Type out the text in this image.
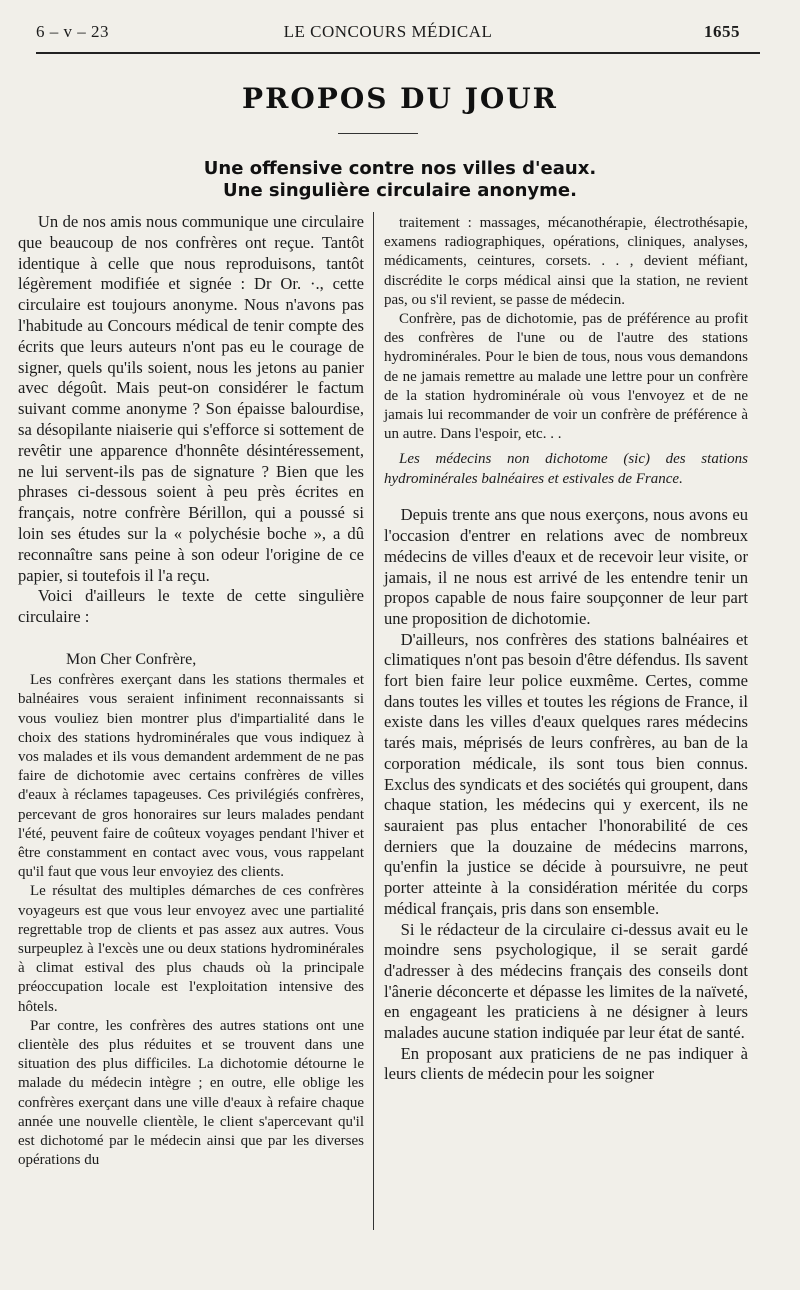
6 – v – 23	LE CONCOURS MÉDICAL	1655
PROPOS DU JOUR
Une offensive contre nos villes d'eaux.
Une singulière circulaire anonyme.

Un de nos amis nous communique une circulaire que beaucoup de nos confrères ont reçue. Tantôt identique à celle que nous reproduisons, tantôt légèrement modifiée et signée : Dr Or. ·., cette circulaire est toujours anonyme. Nous n'avons pas l'habitude au Concours médical de tenir compte des écrits que leurs auteurs n'ont pas eu le courage de signer, quels qu'ils soient, nous les jetons au panier avec dégoût. Mais peut-on considérer le factum suivant comme anonyme ? Son épaisse balourdise, sa désopilante niaiserie qui s'efforce si sottement de revêtir une apparence d'honnête désintéressement, ne lui servent-ils pas de signature ? Bien que les phrases ci-dessous soient à peu près écrites en français, notre confrère Bérillon, qui a poussé si loin ses études sur la « polychésie boche », a dû reconnaître sans peine à son odeur l'origine de ce papier, si toutefois il l'a reçu.

Voici d'ailleurs le texte de cette singulière circulaire :

Mon Cher Confrère,

Les confrères exerçant dans les stations thermales et balnéaires vous seraient infiniment reconnaissants si vous vouliez bien montrer plus d'impartialité dans le choix des stations hydrominérales que vous indiquez à vos malades et ils vous demandent ardemment de ne pas faire de dichotomie avec certains confrères de villes d'eaux à réclames tapageuses. Ces privilégiés confrères, percevant de gros honoraires sur leurs malades pendant l'été, peuvent faire de coûteux voyages pendant l'hiver et être constamment en contact avec vous, vous rappelant qu'il faut que vous leur envoyiez des clients.

Le résultat des multiples démarches de ces confrères voyageurs est que vous leur envoyez avec une partialité regrettable trop de clients et pas assez aux autres. Vous surpeuplez à l'excès une ou deux stations hydrominérales à climat estival des plus chauds où la principale préoccupation locale est l'exploitation intensive des hôtels.

Par contre, les confrères des autres stations ont une clientèle des plus réduites et se trouvent dans une situation des plus difficiles. La dichotomie détourne le malade du médecin intègre ; en outre, elle oblige les confrères exerçant dans une ville d'eaux à refaire chaque année une nouvelle clientèle, le client s'apercevant qu'il est dichotomé par le médecin ainsi que par les diverses opérations du

traitement : massages, mécanothérapie, électrothésapie, examens radiographiques, opérations, cliniques, analyses, médicaments, ceintures, corsets. . . , devient méfiant, discrédite le corps médical ainsi que la station, ne revient pas, ou s'il revient, se passe de médecin.

Confrère, pas de dichotomie, pas de préférence au profit des confrères de l'une ou de l'autre des stations hydrominérales. Pour le bien de tous, nous vous demandons de ne jamais remettre au malade une lettre pour un confrère de la station hydrominérale où vous l'envoyez et de ne jamais lui recommander de voir un confrère de préférence à un autre. Dans l'espoir, etc. . .

Les médecins non dichotome (sic) des stations hydrominérales balnéaires et estivales de France.

Depuis trente ans que nous exerçons, nous avons eu l'occasion d'entrer en relations avec de nombreux médecins de villes d'eaux et de recevoir leur visite, or jamais, il ne nous est arrivé de les entendre tenir un propos capable de nous faire soupçonner de leur part une proposition de dichotomie.

D'ailleurs, nos confrères des stations balnéaires et climatiques n'ont pas besoin d'être défendus. Ils savent fort bien faire leur police euxmême. Certes, comme dans toutes les villes et toutes les régions de France, il existe dans les villes d'eaux quelques rares médecins tarés mais, méprisés de leurs confrères, au ban de la corporation médicale, ils sont tous bien connus. Exclus des syndicats et des sociétés qui groupent, dans chaque station, les médecins qui y exercent, ils ne sauraient pas plus entacher l'honorabilité de ces derniers que la douzaine de médecins marrons, qu'enfin la justice se décide à poursuivre, ne peut porter atteinte à la considération méritée du corps médical français, pris dans son ensemble.

Si le rédacteur de la circulaire ci-dessus avait eu le moindre sens psychologique, il se serait gardé d'adresser à des médecins français des conseils dont l'ânerie déconcerte et dépasse les limites de la naïveté, en engageant les praticiens à ne désigner à leurs malades aucune station indiquée par leur état de santé.

En proposant aux praticiens de ne pas indiquer à leurs clients de médecin pour les soigner
